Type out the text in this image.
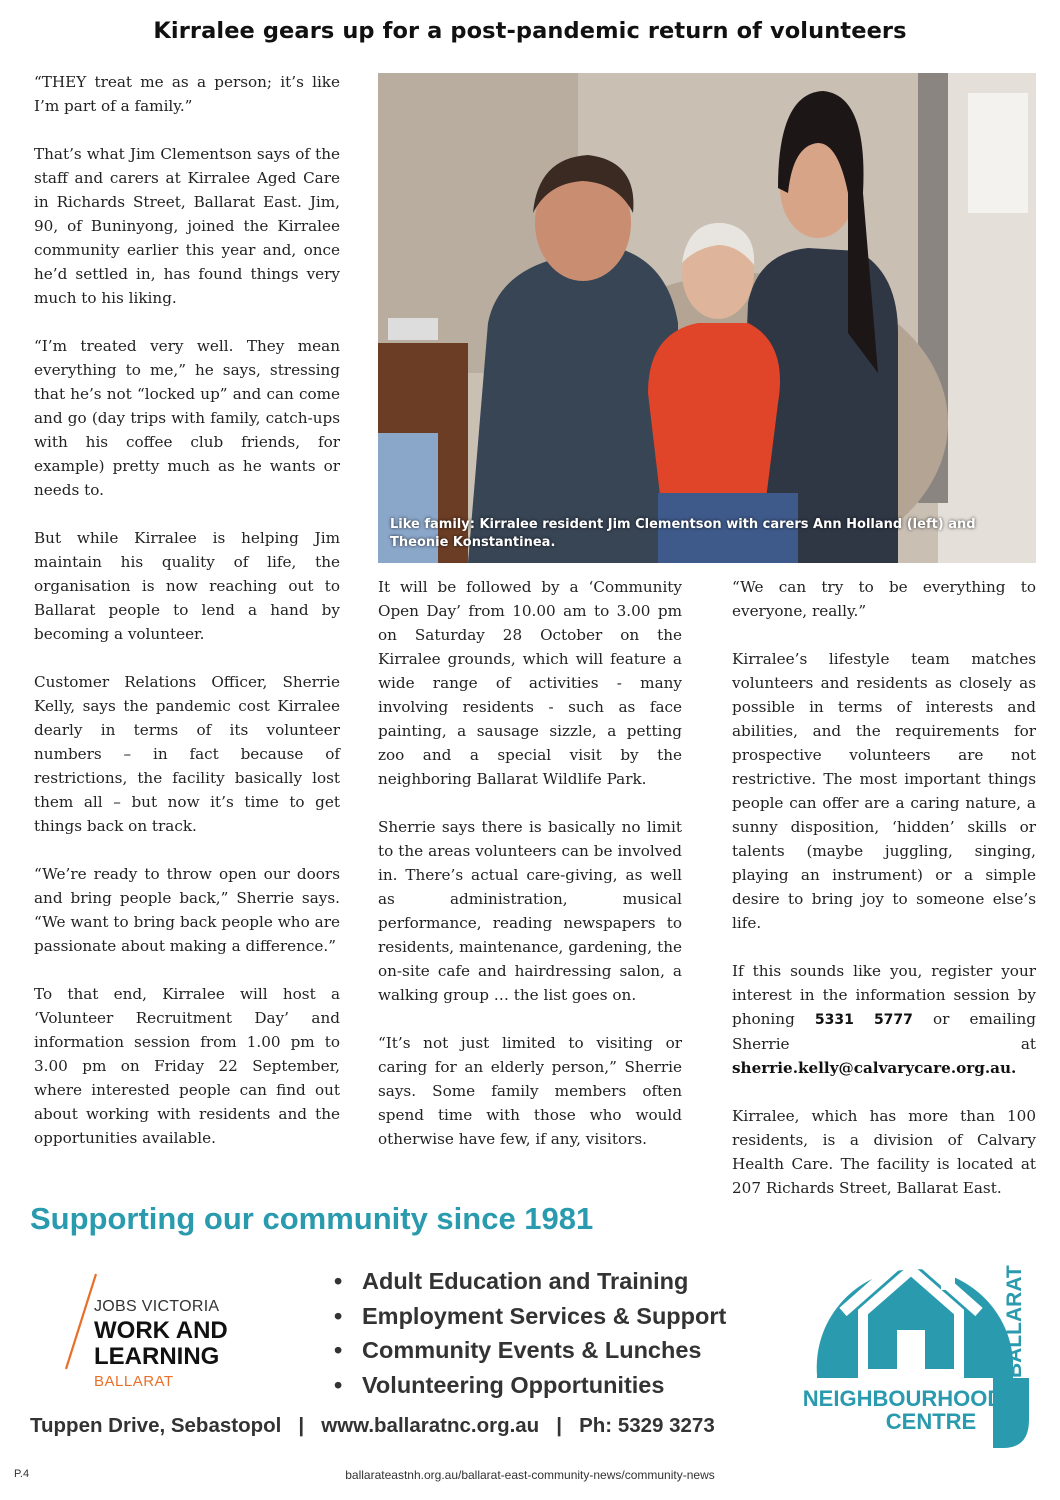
Kirralee gears up for a post-pandemic return of volunteers

“THEY treat me as a person; it’s like I’m part of a family.”

That’s what Jim Clementson says of the staff and carers at Kirralee Aged Care in Richards Street, Ballarat East. Jim, 90, of Buninyong, joined the Kirralee community earlier this year and, once he’d settled in, has found things very much to his liking.

“I’m treated very well. They mean everything to me,” he says, stressing that he’s not “locked up” and can come and go (day trips with family, catch-ups with his coffee club friends, for example) pretty much as he wants or needs to.

But while Kirralee is helping Jim maintain his quality of life, the organisation is now reaching out to Ballarat people to lend a hand by becoming a volunteer.

Customer Relations Officer, Sherrie Kelly, says the pandemic cost Kirralee dearly in terms of its volunteer numbers – in fact because of restrictions, the facility basically lost them all – but now it’s time to get things back on track.

“We’re ready to throw open our doors and bring people back,” Sherrie says. “We want to bring back people who are passionate about making a difference.”

To that end, Kirralee will host a ‘Volunteer Recruitment Day’ and information session from 1.00 pm to 3.00 pm on Friday 22 September, where interested people can find out about working with residents and the opportunities available.

Like family: Kirralee resident Jim Clementson with carers Ann Holland (left) and Theonie Konstantinea.

It will be followed by a ‘Community Open Day’ from 10.00 am to 3.00 pm on Saturday 28 October on the Kirralee grounds, which will feature a wide range of activities - many involving residents - such as face painting, a sausage sizzle, a petting zoo and a special visit by the neighboring Ballarat Wildlife Park.

Sherrie says there is basically no limit to the areas volunteers can be involved in. There’s actual care-giving, as well as administration, musical performance, reading newspapers to residents, maintenance, gardening, the on-site cafe and hairdressing salon, a walking group … the list goes on.

“It’s not just limited to visiting or caring for an elderly person,” Sherrie says. Some family members often spend time with those who would otherwise have few, if any, visitors.

“We can try to be everything to everyone, really.”

Kirralee’s lifestyle team matches volunteers and residents as closely as possible in terms of interests and abilities, and the requirements for prospective volunteers are not restrictive. The most important things people can offer are a caring nature, a sunny disposition, ‘hidden’ skills or talents (maybe juggling, singing, playing an instrument) or a simple desire to bring joy to someone else’s life.

If this sounds like you, register your interest in the information session by phoning 5331 5777 or emailing Sherrie at sherrie.kelly@calvarycare.org.au.

Kirralee, which has more than 100 residents, is a division of Calvary Health Care. The facility is located at 207 Richards Street, Ballarat East.

Supporting our community since 1981
JOBS VICTORIA
WORK AND
LEARNING
BALLARAT
• Adult Education and Training
• Employment Services & Support
• Community Events & Lunches
• Volunteering Opportunities
Tuppen Drive, Sebastopol   |   www.ballaratnc.org.au   |   Ph: 5329 3273
NEIGHBOURHOOD
CENTRE
BALLARAT
P.4	ballarateastnh.org.au/ballarat-east-community-news/community-news
